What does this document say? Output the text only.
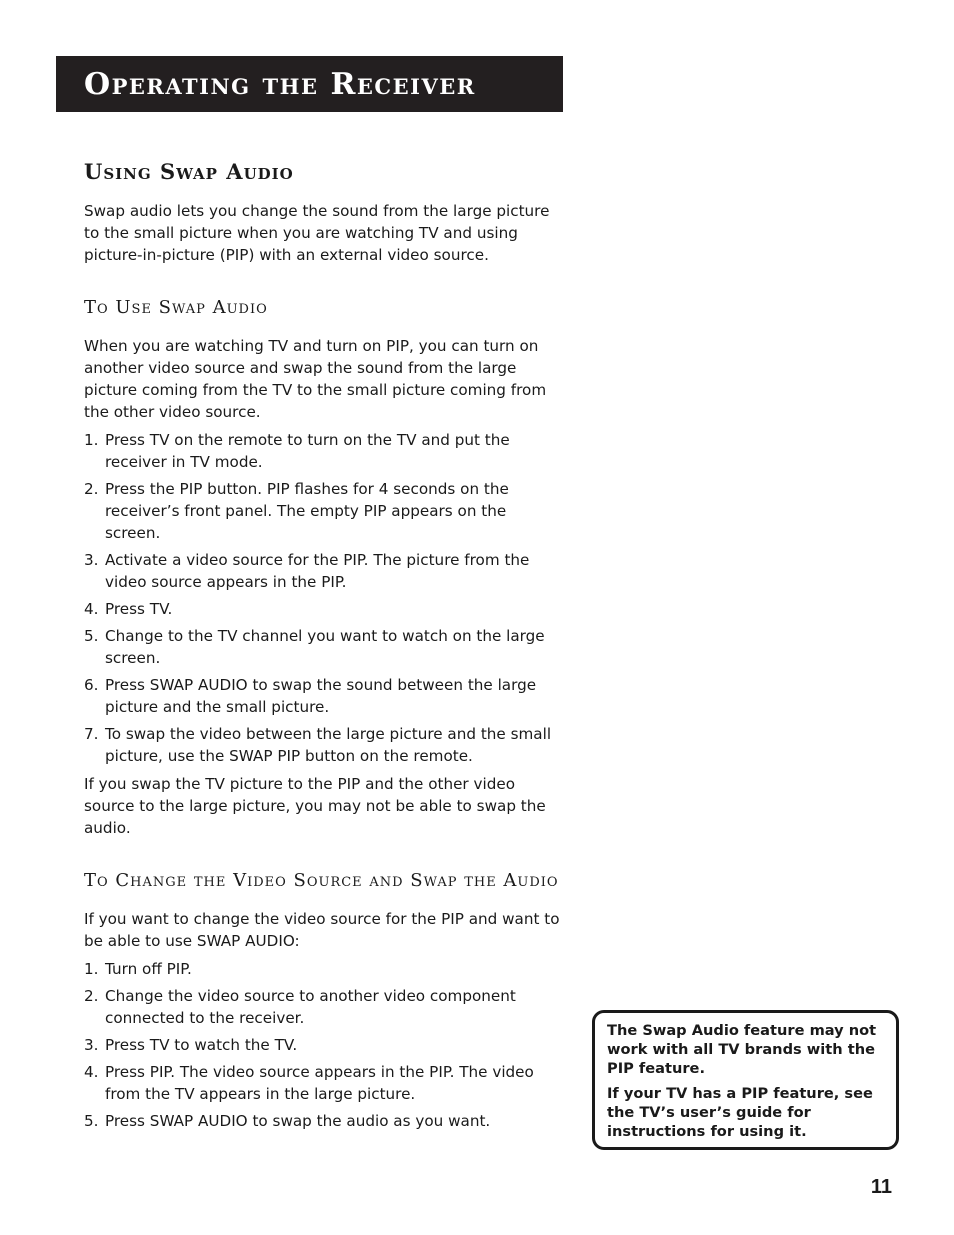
Operating the Receiver
Using Swap Audio

Swap audio lets you change the sound from the large picture to the small picture when you are watching TV and using picture-in-picture (PIP) with an external video source.

To Use Swap Audio

When you are watching TV and turn on PIP, you can turn on another video source and swap the sound from the large picture coming from the TV to the small picture coming from the other video source.

1. Press TV on the remote to turn on the TV and put the receiver in TV mode.
2. Press the PIP button. PIP flashes for 4 seconds on the receiver’s front panel. The empty PIP appears on the screen.
3. Activate a video source for the PIP. The picture from the video source appears in the PIP.
4. Press TV.
5. Change to the TV channel you want to watch on the large screen.
6. Press SWAP AUDIO to swap the sound between the large picture and the small picture.
7. To swap the video between the large picture and the small picture, use the SWAP PIP button on the remote.

If you swap the TV picture to the PIP and the other video source to the large picture, you may not be able to swap the audio.

To Change the Video Source and Swap the Audio

If you want to change the video source for the PIP and want to be able to use SWAP AUDIO:

1. Turn off PIP.
2. Change the video source to another video component connected to the receiver.
3. Press TV to watch the TV.
4. Press PIP. The video source appears in the PIP. The video from the TV appears in the large picture.
5. Press SWAP AUDIO to swap the audio as you want.

The Swap Audio feature may not work with all TV brands with the PIP feature.

If your TV has a PIP feature, see the TV’s user’s guide for instructions for using it.

11
